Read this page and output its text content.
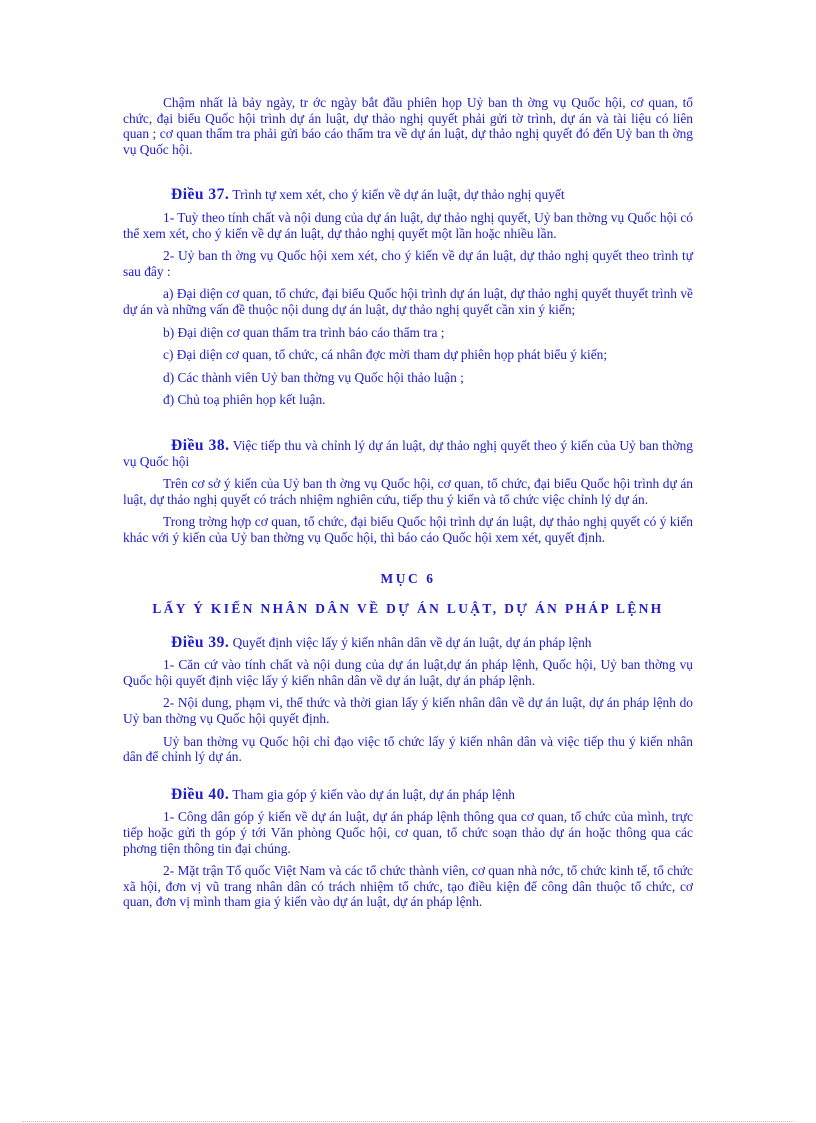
Chậm nhất là bảy ngày, tr ớc ngày bắt đầu phiên họp Uỷ ban th ờng vụ Quốc hội, cơ quan, tổ chức, đại biểu Quốc hội trình dự án luật, dự thảo nghị quyết phải gửi tờ trình, dự án và tài liệu có liên quan ; cơ quan thẩm tra phải gửi báo cáo thẩm tra về dự án luật, dự thảo nghị quyết đó đến Uỷ ban th ờng vụ Quốc hội.

Điều 37. Trình tự xem xét, cho ý kiến về dự án luật, dự thảo nghị quyết

1- Tuỳ theo tính chất và nội dung của dự án luật, dự thảo nghị quyết, Uỷ ban thờng vụ Quốc hội có thể xem xét, cho ý kiến về dự án luật, dự thảo nghị quyết một lần hoặc nhiều lần.

2- Uỷ ban th ờng vụ Quốc hội xem xét, cho ý kiến về dự án luật, dự thảo nghị quyết theo trình tự sau đây :

a) Đại diện cơ quan, tổ chức, đại biểu Quốc hội trình dự án luật, dự thảo nghị quyết thuyết trình về dự án và những vấn đề thuộc nội dung dự án luật, dự thảo nghị quyết cần xin ý kiến;

b) Đại diện cơ quan thẩm tra trình báo cáo thẩm tra ;

c) Đại diện cơ quan, tổ chức, cá nhân đợc mời tham dự phiên họp phát biểu ý kiến;

d) Các thành viên Uỷ ban thờng vụ Quốc hội thảo luận ;

đ) Chủ toạ phiên họp kết luận.

Điều 38. Việc tiếp thu và chỉnh lý dự án luật, dự thảo nghị quyết theo ý kiến của Uỷ ban thờng vụ Quốc hội

Trên cơ sở ý kiến của Uỷ ban th ờng vụ Quốc hội, cơ quan, tổ chức, đại biểu Quốc hội trình dự án luật, dự thảo nghị quyết có trách nhiệm nghiên cứu, tiếp thu ý kiến và tổ chức việc chỉnh lý dự án.

Trong trờng hợp cơ quan, tổ chức, đại biểu Quốc hội trình dự án luật, dự thảo nghị quyết có ý kiến khác với ý kiến của Uỷ ban thờng vụ Quốc hội, thì báo cáo Quốc hội xem xét, quyết định.

MỤC 6

LẤY Ý KIẾN NHÂN DÂN VỀ DỰ ÁN LUẬT, DỰ ÁN PHÁP LỆNH

Điều 39. Quyết định việc lấy ý kiến nhân dân về dự án luật, dự án pháp lệnh

1- Căn cứ vào tính chất và nội dung của dự án luật,dự án pháp lệnh, Quốc hội, Uỷ ban thờng vụ Quốc hội quyết định việc lấy ý kiến nhân dân về dự án luật, dự án pháp lệnh.

2- Nội dung, phạm vi, thể thức và thời gian lấy ý kiến nhân dân về dự án luật, dự án pháp lệnh do Uỷ ban thờng vụ Quốc hội quyết định.

Uỷ ban thờng vụ Quốc hội chỉ đạo việc tổ chức lấy ý kiến nhân dân và việc tiếp thu ý kiến nhân dân để chỉnh lý dự án.

Điều 40. Tham gia góp ý kiến vào dự án luật, dự án pháp lệnh

1- Công dân góp ý kiến về dự án luật, dự án pháp lệnh thông qua cơ quan, tổ chức của mình, trực tiếp hoặc gửi th góp ý tới Văn phòng Quốc hội, cơ quan, tổ chức soạn thảo dự án hoặc thông qua các phơng tiện thông tin đại chúng.

2- Mặt trận Tổ quốc Việt Nam và các tổ chức thành viên, cơ quan nhà nớc, tổ chức kinh tế, tổ chức xã hội, đơn vị vũ trang nhân dân có trách nhiệm tổ chức, tạo điều kiện để công dân thuộc tổ chức, cơ quan, đơn vị mình tham gia ý kiến vào dự án luật, dự án pháp lệnh.
